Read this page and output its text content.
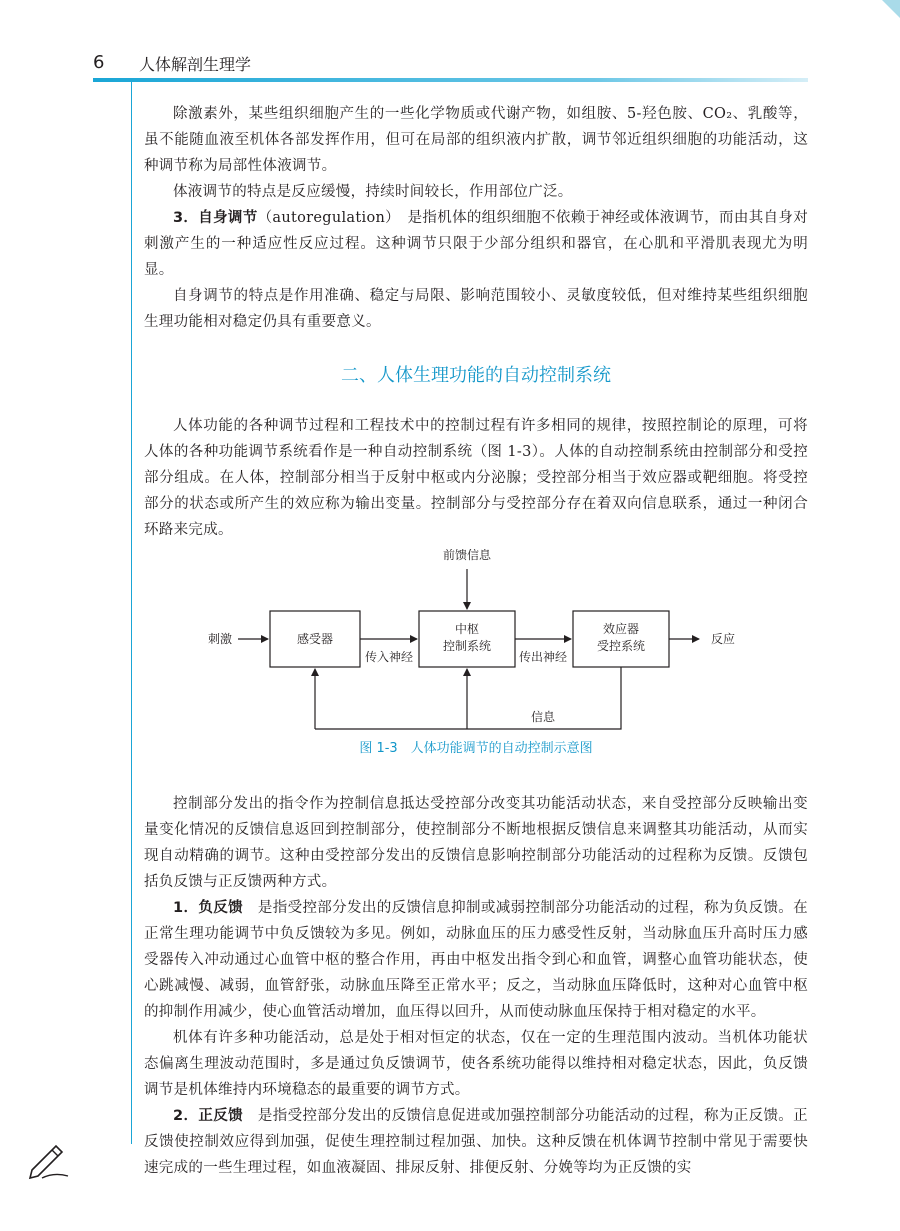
6 人体解剖生理学

除激素外，某些组织细胞产生的一些化学物质或代谢产物，如组胺、5-羟色胺、CO₂、乳酸等，虽不能随血液至机体各部发挥作用，但可在局部的组织液内扩散，调节邻近组织细胞的功能活动，这种调节称为局部性体液调节。

体液调节的特点是反应缓慢，持续时间较长，作用部位广泛。

3．自身调节（autoregulation）　 是指机体的组织细胞不依赖于神经或体液调节，而由其自身对刺激产生的一种适应性反应过程。这种调节只限于少部分组织和器官，在心肌和平滑肌表现尤为明显。

自身调节的特点是作用准确、稳定与局限、影响范围较小、灵敏度较低，但对维持某些组织细胞生理功能相对稳定仍具有重要意义。

二、人体生理功能的自动控制系统

人体功能的各种调节过程和工程技术中的控制过程有许多相同的规律，按照控制论的原理，可将人体的各种功能调节系统看作是一种自动控制系统（图 1-3）。人体的自动控制系统由控制部分和受控部分组成。在人体，控制部分相当于反射中枢或内分泌腺；受控部分相当于效应器或靶细胞。将受控部分的状态或所产生的效应称为输出变量。控制部分与受控部分存在着双向信息联系，通过一种闭合环路来完成。

前馈信息
刺激	感受器
中枢
控制系统
效应器
受控系统	反应
传入神经	传出神经
信息
图 1-3　人体功能调节的自动控制示意图

控制部分发出的指令作为控制信息抵达受控部分改变其功能活动状态，来自受控部分反映输出变量变化情况的反馈信息返回到控制部分，使控制部分不断地根据反馈信息来调整其功能活动，从而实现自动精确的调节。这种由受控部分发出的反馈信息影响控制部分功能活动的过程称为反馈。反馈包括负反馈与正反馈两种方式。

1．负反馈　 是指受控部分发出的反馈信息抑制或减弱控制部分功能活动的过程，称为负反馈。在正常生理功能调节中负反馈较为多见。例如，动脉血压的压力感受性反射，当动脉血压升高时压力感受器传入冲动通过心血管中枢的整合作用，再由中枢发出指令到心和血管，调整心血管功能状态，使心跳减慢、减弱，血管舒张，动脉血压降至正常水平；反之，当动脉血压降低时，这种对心血管中枢的抑制作用减少，使心血管活动增加，血压得以回升，从而使动脉血压保持于相对稳定的水平。

机体有许多种功能活动，总是处于相对恒定的状态，仅在一定的生理范围内波动。当机体功能状态偏离生理波动范围时，多是通过负反馈调节，使各系统功能得以维持相对稳定状态，因此，负反馈调节是机体维持内环境稳态的最重要的调节方式。

2．正反馈　 是指受控部分发出的反馈信息促进或加强控制部分功能活动的过程，称为正反馈。正反馈使控制效应得到加强，促使生理控制过程加强、加快。这种反馈在机体调节控制中常见于需要快速完成的一些生理过程，如血液凝固、排尿反射、排便反射、分娩等均为正反馈的实
